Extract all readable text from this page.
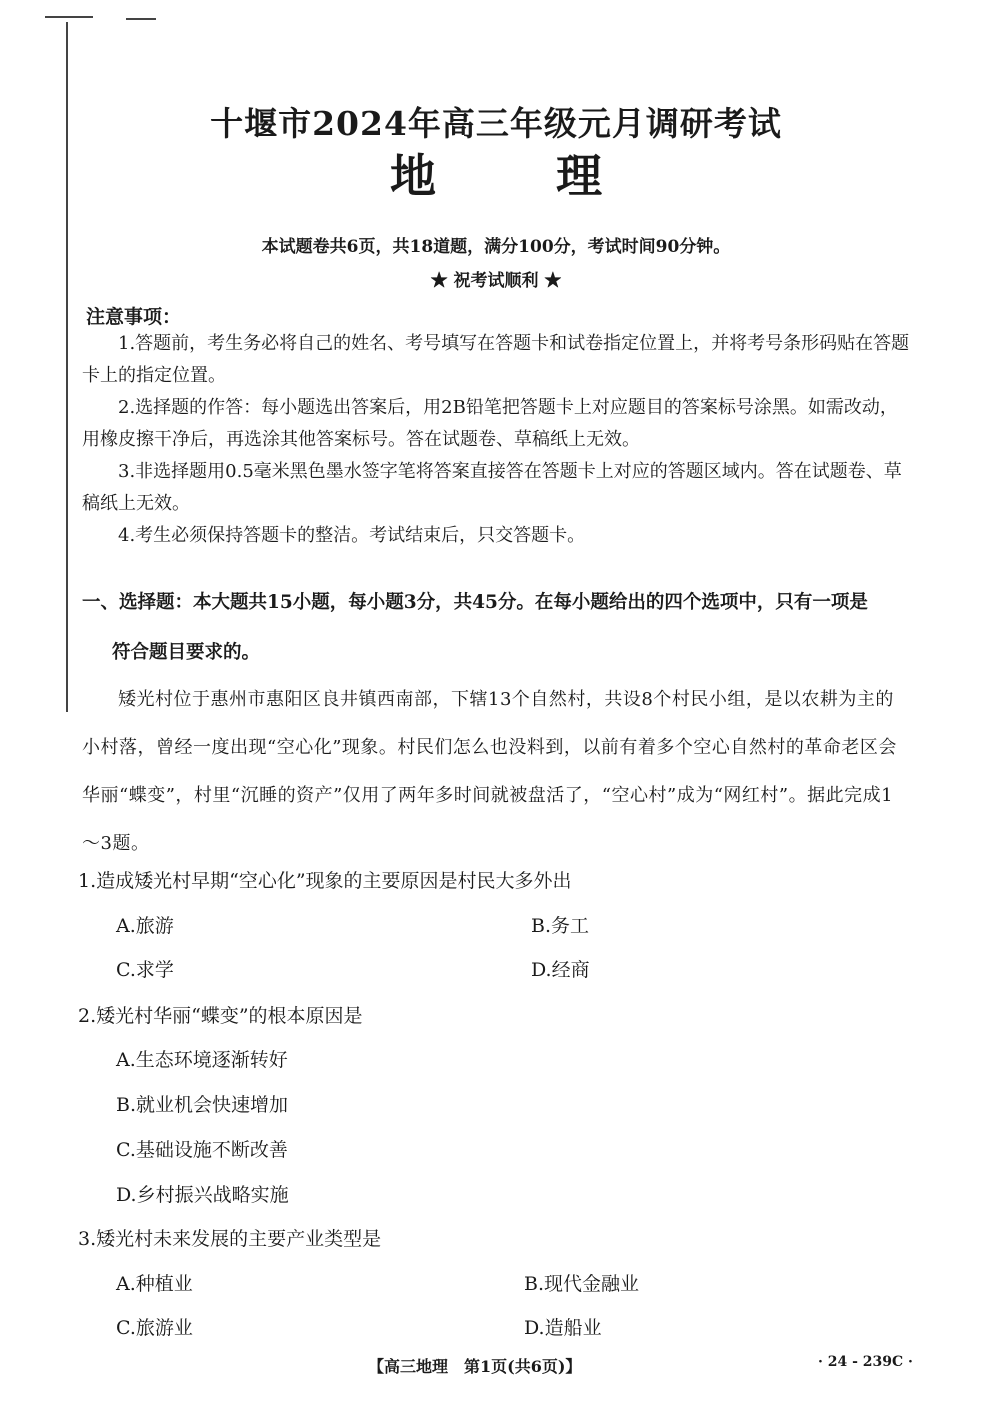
十堰市2024年高三年级元月调研考试
地	理
本试题卷共6页，共18道题，满分100分，考试时间90分钟。
★ 祝考试顺利 ★
注意事项：

1.答题前，考生务必将自己的姓名、考号填写在答题卡和试卷指定位置上，并将考号条形码贴在答题卡上的指定位置。

2.选择题的作答：每小题选出答案后，用2B铅笔把答题卡上对应题目的答案标号涂黑。如需改动，用橡皮擦干净后，再选涂其他答案标号。答在试题卷、草稿纸上无效。

3.非选择题用0.5毫米黑色墨水签字笔将答案直接答在答题卡上对应的答题区域内。答在试题卷、草稿纸上无效。

4.考生必须保持答题卡的整洁。考试结束后，只交答题卡。

一、选择题：本大题共15小题，每小题3分，共45分。在每小题给出的四个选项中，只有一项是
符合题目要求的。

矮光村位于惠州市惠阳区良井镇西南部，下辖13个自然村，共设8个村民小组，是以农耕为主的小村落，曾经一度出现“空心化”现象。村民们怎么也没料到，以前有着多个空心自然村的革命老区会华丽“蝶变”，村里“沉睡的资产”仅用了两年多时间就被盘活了，“空心村”成为“网红村”。据此完成1～3题。

1.造成矮光村早期“空心化”现象的主要原因是村民大多外出
A.旅游	B.务工
C.求学	D.经商
2.矮光村华丽“蝶变”的根本原因是
A.生态环境逐渐转好
B.就业机会快速增加
C.基础设施不断改善
D.乡村振兴战略实施
3.矮光村未来发展的主要产业类型是
A.种植业	B.现代金融业
C.旅游业	D.造船业
【高三地理　第1页(共6页)】	· 24 - 239C ·
